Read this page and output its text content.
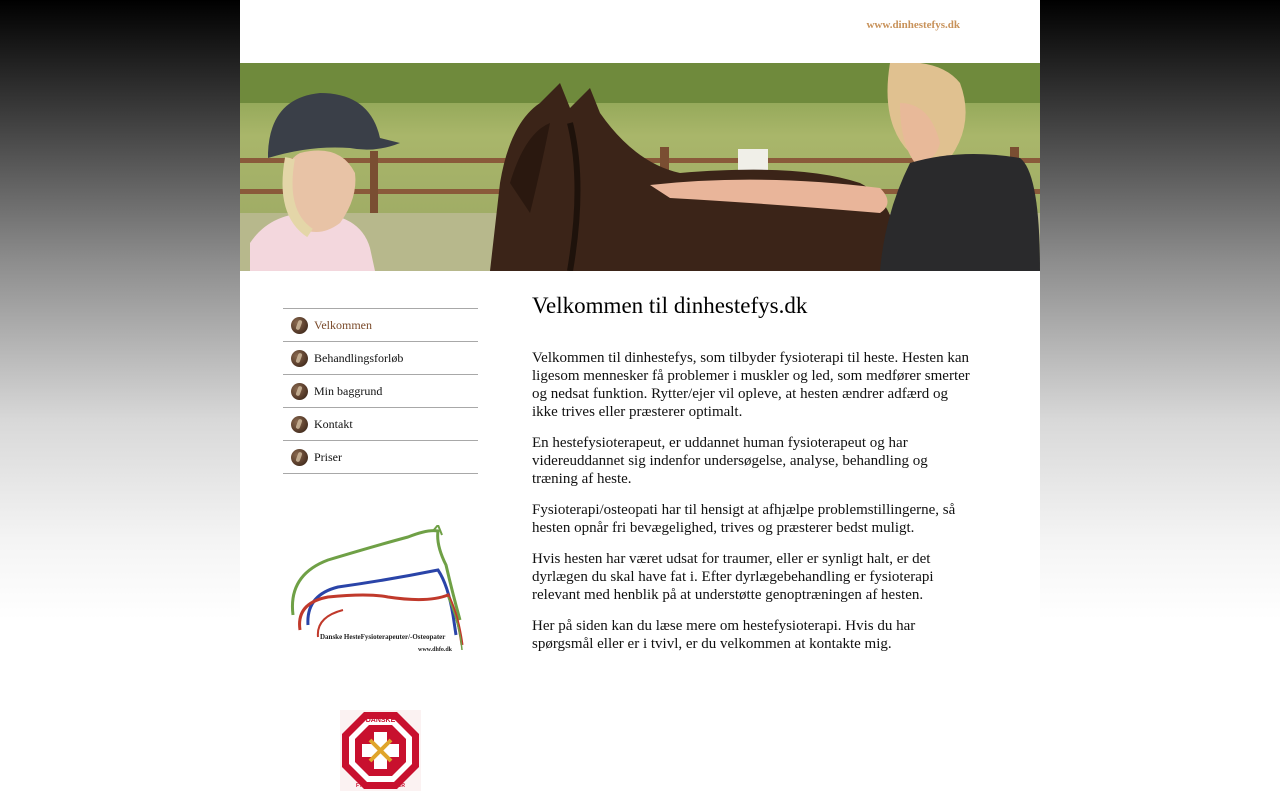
www.dinhestefys.dk
Velkommen
Behandlingsforløb
Min baggrund
Kontakt
Priser
Danske HesteFysioterapeuter/-Osteopater
www.dhfo.dk
DANSKE
FYSIOTERAPEUTER
Velkommen til dinhestefys.dk

Velkommen til dinhestefys, som tilbyder fysioterapi til heste. Hesten kan ligesom mennesker få problemer i muskler og led, som medfører smerter og nedsat funktion. Rytter/ejer vil opleve, at hesten ændrer adfærd og ikke trives eller præsterer optimalt.

En hestefysioterapeut, er uddannet human fysioterapeut og har videreuddannet sig indenfor undersøgelse, analyse, behandling og træning af heste.

Fysioterapi/osteopati har til hensigt at afhjælpe problemstillingerne, så hesten opnår fri bevægelighed, trives og præsterer bedst muligt.

Hvis hesten har været udsat for traumer, eller er synligt halt, er det dyrlægen du skal have fat i. Efter dyrlægebehandling er fysioterapi relevant med henblik på at understøtte genoptræningen af hesten.

Her på siden kan du læse mere om hestefysioterapi. Hvis du har spørgsmål eller er i tvivl, er du velkommen at kontakte mig.
